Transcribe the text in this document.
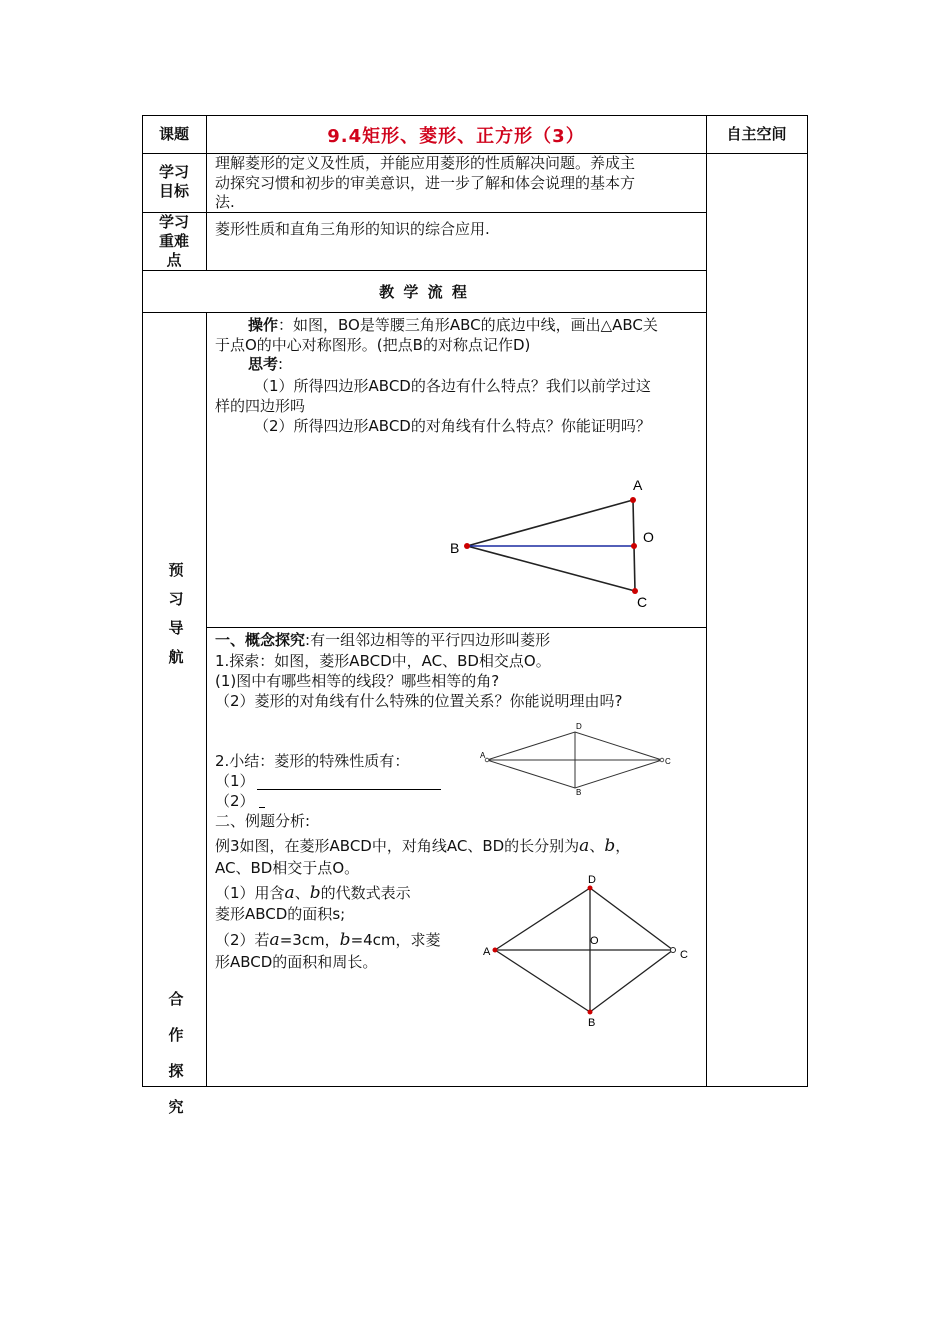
课题	9.4矩形、菱形、正方形（3）	自主空间
学习目标
理解菱形的定义及性质，并能应用菱形的性质解决问题。养成主
动探究习惯和初步的审美意识，进一步了解和体会说理的基本方
法.
学习重难点
菱形性质和直角三角形的知识的综合应用.
教 学 流 程
预习导航
合作探究
操作：如图，BO是等腰三角形ABC的底边中线，画出△ABC关
于点O的中心对称图形。(把点B的对称点记作D)
思考:
（1）所得四边形ABCD的各边有什么特点？我们以前学过这
样的四边形吗
（2）所得四边形ABCD的对角线有什么特点？你能证明吗？
A
B
O
C
一、概念探究:有一组邻边相等的平行四边形叫菱形
1.探索：如图，菱形ABCD中，AC、BD相交点O。
(1)图中有哪些相等的线段？哪些相等的角?
（2）菱形的对角线有什么特殊的位置关系？你能说明理由吗?
2.小结：菱形的特殊性质有：
（1）
（2）
A
D
C
B
二、例题分析:
例3如图，在菱形ABCD中，对角线AC、BD的长分别为a、b，
AC、BD相交于点O。
（1）用含a、b的代数式表示
菱形ABCD的面积s;
（2）若a=3cm，b=4cm，求菱
形ABCD的面积和周长。
A
D
C
B
O
